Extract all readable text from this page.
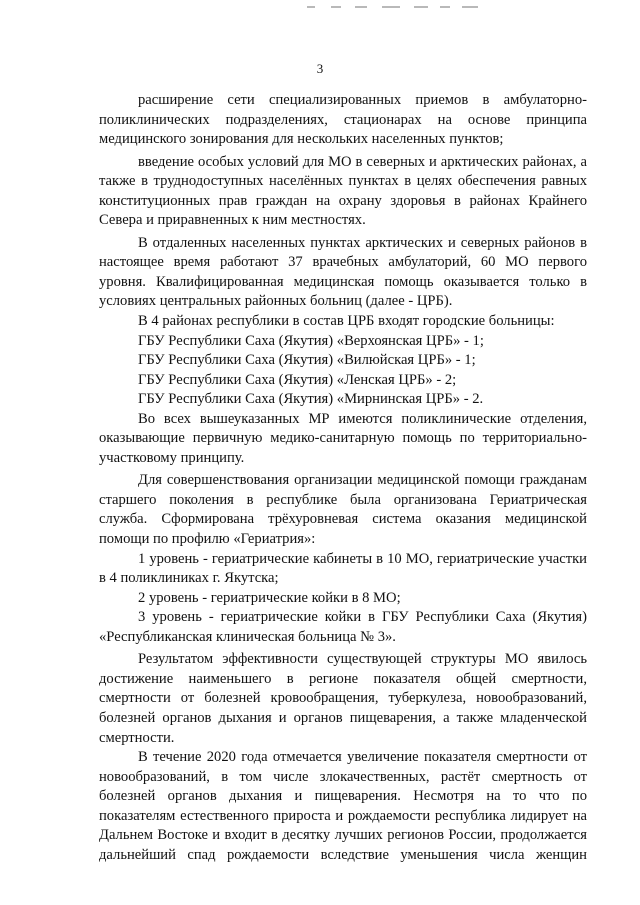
3
расширение сети специализированных приемов в амбулаторно-
поликлинических подразделениях, стационарах на основе принципа
медицинского зонирования для нескольких населенных пунктов;
введение особых условий для МО в северных и арктических районах, а
также в труднодоступных населённых пунктах в целях обеспечения равных
конституционных прав граждан на охрану здоровья в районах Крайнего
Севера и приравненных к ним местностях.
В отдаленных населенных пунктах арктических и северных районов в
настоящее время работают 37 врачебных амбулаторий, 60 МО первого
уровня. Квалифицированная медицинская помощь оказывается только в
условиях центральных районных больниц (далее - ЦРБ).
В 4 районах республики в состав ЦРБ входят городские больницы:
ГБУ Республики Саха (Якутия) «Верхоянская ЦРБ» - 1;
ГБУ Республики Саха (Якутия) «Вилюйская ЦРБ» - 1;
ГБУ Республики Саха (Якутия) «Ленская ЦРБ» - 2;
ГБУ Республики Саха (Якутия) «Мирнинская ЦРБ» - 2.
Во всех вышеуказанных МР имеются поликлинические отделения,
оказывающие первичную медико-санитарную помощь по территориально-
участковому принципу.
Для совершенствования организации медицинской помощи гражданам
старшего поколения в республике была организована Гериатрическая
служба. Сформирована трёхуровневая система оказания медицинской
помощи по профилю «Гериатрия»:
1 уровень - гериатрические кабинеты в 10 МО, гериатрические участки
в 4 поликлиниках г. Якутска;
2 уровень - гериатрические койки в 8 МО;
3 уровень - гериатрические койки в ГБУ Республики Саха (Якутия)
«Республиканская клиническая больница № 3».
Результатом эффективности существующей структуры МО явилось
достижение наименьшего в регионе показателя общей смертности,
смертности от болезней кровообращения, туберкулеза, новообразований,
болезней органов дыхания и органов пищеварения, а также младенческой
смертности.
В течение 2020 года отмечается увеличение показателя смертности от
новообразований, в том числе злокачественных, растёт смертность от
болезней органов дыхания и пищеварения. Несмотря на то что по
показателям естественного прироста и рождаемости республика лидирует на
Дальнем Востоке и входит в десятку лучших регионов России, продолжается
дальнейший спад рождаемости вследствие уменьшения числа женщин
